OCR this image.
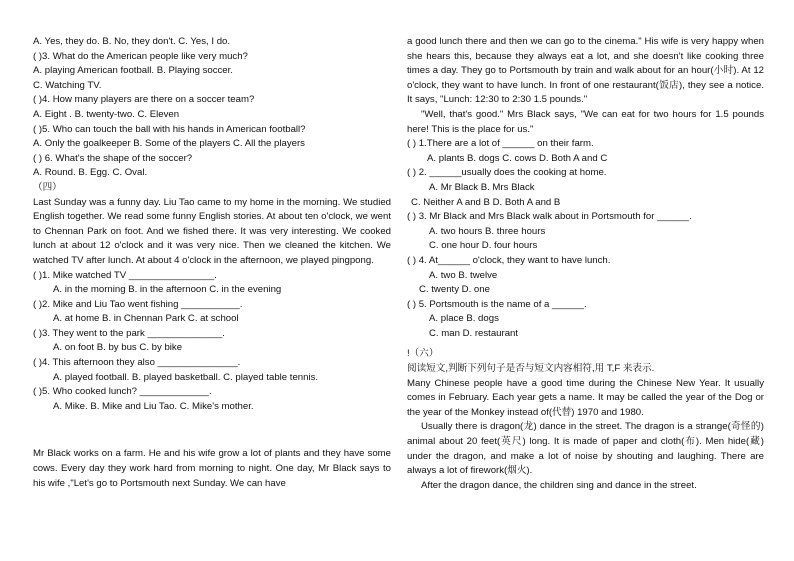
A. Yes, they do. B. No, they don't. C. Yes, I do.
( )3. What do the American people like very much?
A. playing American football. B. Playing soccer.
C. Watching TV.
( )4. How many players are there on a soccer team?
A. Eight . B. twenty-two. C. Eleven
( )5. Who can touch the ball with his hands in American football?
A. Only the goalkeeper B. Some of the players C. All the players
( ) 6. What's the shape of the soccer?
A. Round. B. Egg. C. Oval.
（四）
Last Sunday was a funny day. Liu Tao came to my home in the morning. We studied English together. We read some funny English stories. At about ten o'clock, we went to Chennan Park on foot. And we fished there. It was very interesting. We cooked lunch at about 12 o'clock and it was very nice. Then we cleaned the kitchen. We watched TV after lunch. At about 4 o'clock in the afternoon, we played pingpong.
( )1. Mike watched TV ________________.
A. in the morning B. in the afternoon C. in the evening
( )2. Mike and Liu Tao went fishing ___________.
A. at home B. in Chennan Park C. at school
( )3. They went to the park ______________.
A. on foot B. by bus C. by bike
( )4. This afternoon they also _______________.
A. played football. B. played basketball. C. played table tennis.
( )5. Who cooked lunch? _____________.
A. Mike. B. Mike and Liu Tao. C. Mike's mother.
Mr Black works on a farm. He and his wife grow a lot of plants and they have some cows. Every day they work hard from morning to night. One day, Mr Black says to his wife ,"Let's go to Portsmouth next Sunday. We can have
a good lunch there and then we can go to the cinema." His wife is very happy when she hears this, because they always eat a lot, and she doesn't like cooking three times a day. They go to Portsmouth by train and walk about for an hour(小时). At 12 o'clock, they want to have lunch. In front of one restaurant(饭店), they see a notice. It says, "Lunch: 12:30 to 2:30 1.5 pounds."
"Well, that's good." Mrs Black says, "We can eat for two hours for 1.5 pounds here! This is the place for us."
( ) 1.There are a lot of ______ on their farm.
A. plants B. dogs C. cows D. Both A and C
( ) 2. ______usually does the cooking at home.
A. Mr Black B. Mrs Black
C. Neither A and B D. Both A and B
( ) 3. Mr Black and Mrs Black walk about in Portsmouth for ______.
A. two hours B. three hours
C. one hour D. four hours
( ) 4. At______ o'clock, they want to have lunch.
A. two B. twelve
C. twenty D. one
( ) 5. Portsmouth is the name of a ______.
A. place B. dogs
C. man D. restaurant
!（六）
阅读短文,判断下列句子是否与短文内容相符,用 T,F 来表示.
Many Chinese people have a good time during the Chinese New Year. It usually comes in February. Each year gets a name. It may be called the year of the Dog or the year of the Monkey instead of(代替) 1970 and 1980.
Usually there is dragon(龙) dance in the street. The dragon is a strange(奇怪的) animal about 20 feet(英尺) long. It is made of paper and cloth(布). Men hide(藏) under the dragon, and make a lot of noise by shouting and laughing. There are always a lot of firework(烟火).
After the dragon dance, the children sing and dance in the street.
